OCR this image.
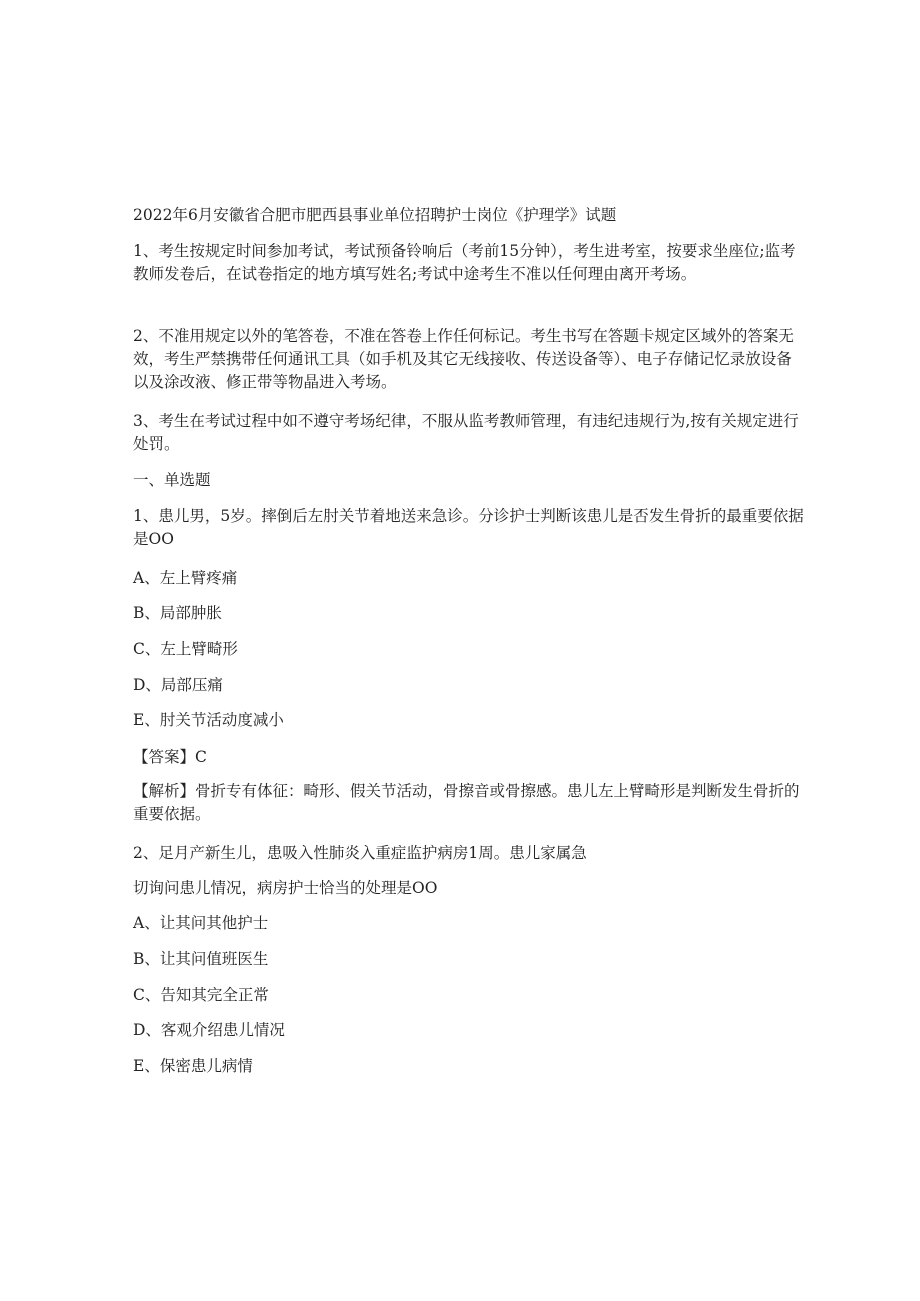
2022年6月安徽省合肥市肥西县事业单位招聘护士岗位《护理学》试题

1、考生按规定时间参加考试，考试预备铃响后（考前15分钟），考生进考室，按要求坐座位;监考教师发卷后，在试卷指定的地方填写姓名;考试中途考生不准以任何理由离开考场。

2、不准用规定以外的笔答卷，不准在答卷上作任何标记。考生书写在答题卡规定区域外的答案无效，考生严禁携带任何通讯工具（如手机及其它无线接收、传送设备等）、电子存储记忆录放设备以及涂改液、修正带等物晶进入考场。

3、考生在考试过程中如不遵守考场纪律，不服从监考教师管理，有违纪违规行为,按有关规定进行处罚。

一、单选题

1、患儿男，5岁。摔倒后左肘关节着地送来急诊。分诊护士判断该患儿是否发生骨折的最重要依据是OO

A、左上臂疼痛

B、局部肿胀

C、左上臂畸形

D、局部压痛

E、肘关节活动度减小

【答案】C

【解析】骨折专有体征：畸形、假关节活动，骨擦音或骨擦感。患儿左上臂畸形是判断发生骨折的重要依据。

2、足月产新生儿，患吸入性肺炎入重症监护病房1周。患儿家属急

切询问患儿情况，病房护士恰当的处理是OO

A、让其问其他护士

B、让其问值班医生

C、告知其完全正常

D、客观介绍患儿情况

E、保密患儿病情
